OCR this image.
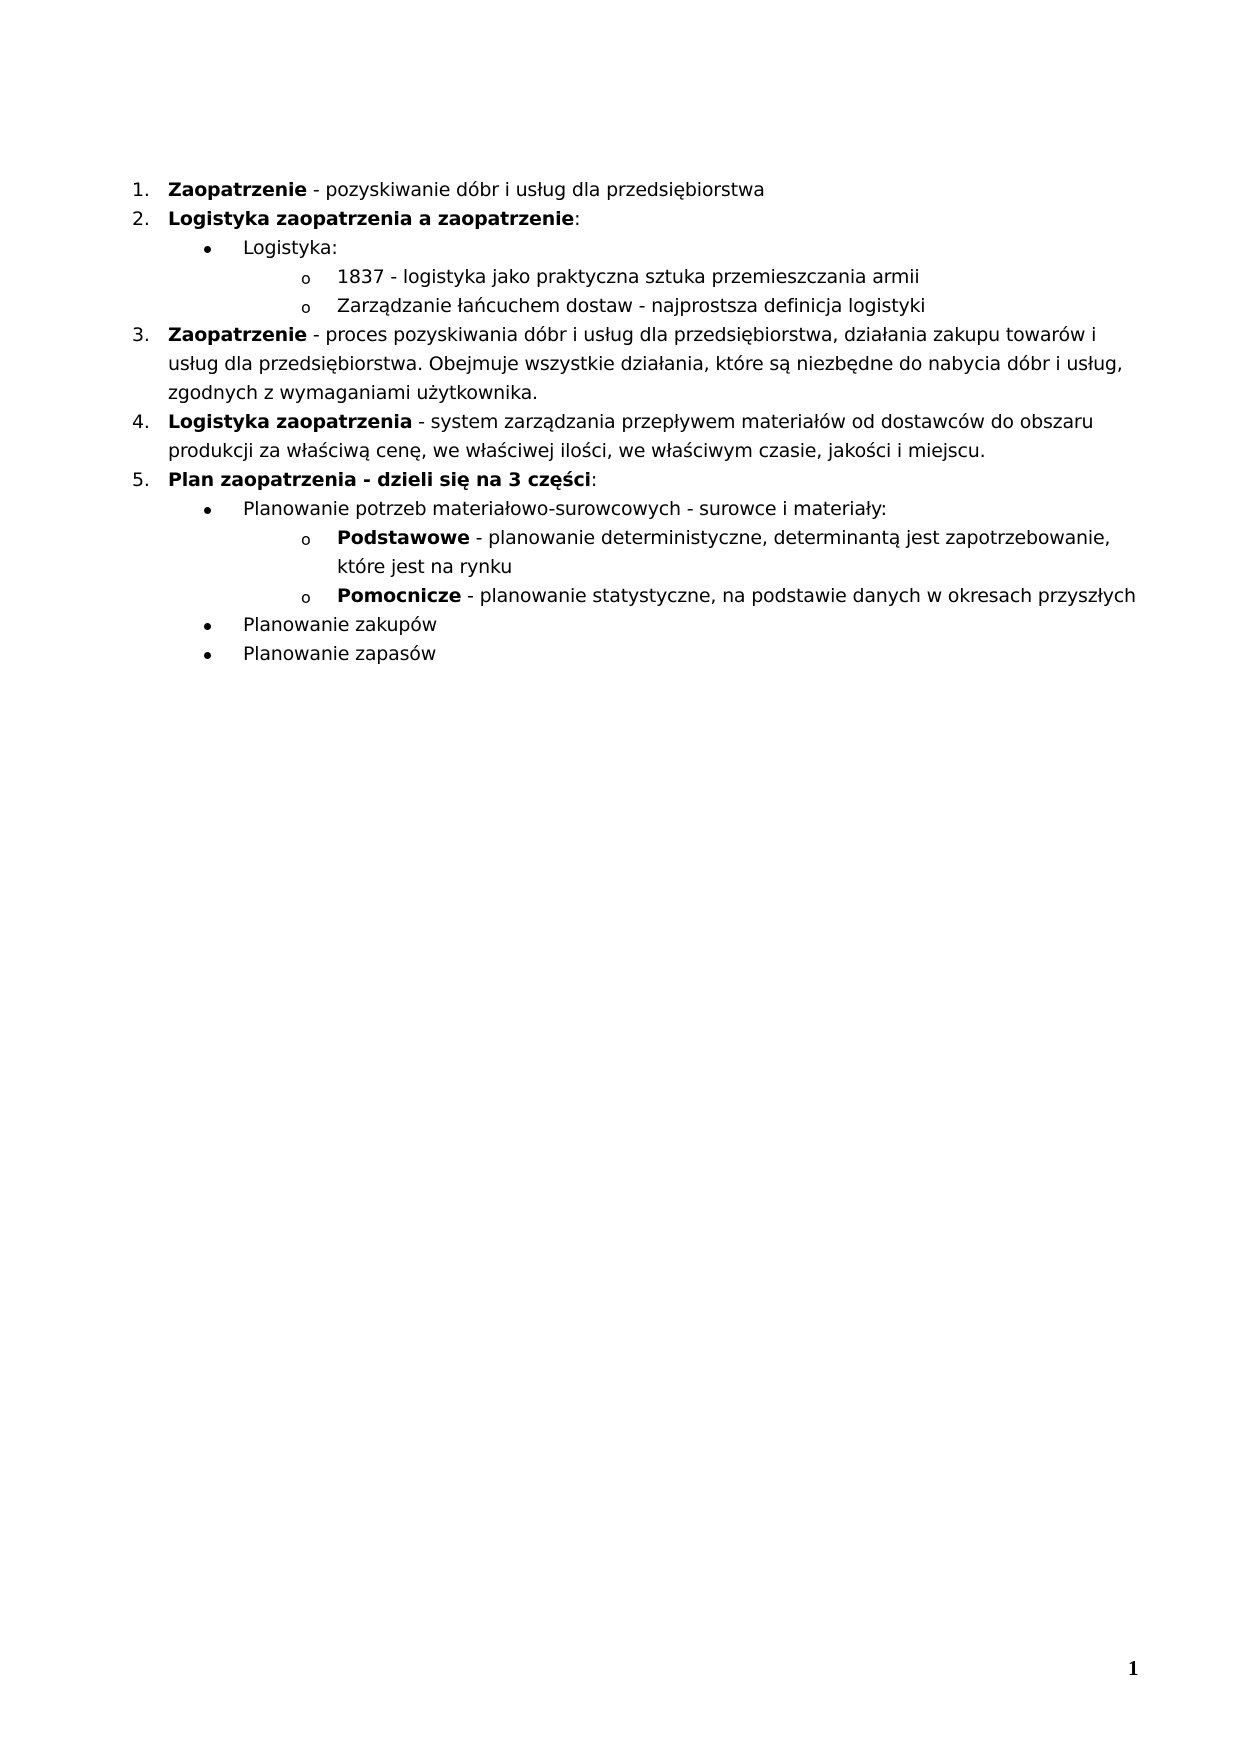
1. Zaopatrzenie - pozyskiwanie dóbr i usług dla przedsiębiorstwa
2. Logistyka zaopatrzenia a zaopatrzenie:
Logistyka:
o 1837 - logistyka jako praktyczna sztuka przemieszczania armii
o Zarządzanie łańcuchem dostaw - najprostsza definicja logistyki
3. Zaopatrzenie - proces pozyskiwania dóbr i usług dla przedsiębiorstwa, działania zakupu towarów i usług dla przedsiębiorstwa. Obejmuje wszystkie działania, które są niezbędne do nabycia dóbr i usług, zgodnych z wymaganiami użytkownika.
4. Logistyka zaopatrzenia - system zarządzania przepływem materiałów od dostawców do obszaru produkcji za właściwą cenę, we właściwej ilości, we właściwym czasie, jakości i miejscu.
5. Plan zaopatrzenia - dzieli się na 3 części:
Planowanie potrzeb materiałowo-surowcowych - surowce i materiały:
o Podstawowe - planowanie deterministyczne, determinantą jest zapotrzebowanie, które jest na rynku
o Pomocnicze - planowanie statystyczne, na podstawie danych w okresach przyszłych
Planowanie zakupów
Planowanie zapasów
1
